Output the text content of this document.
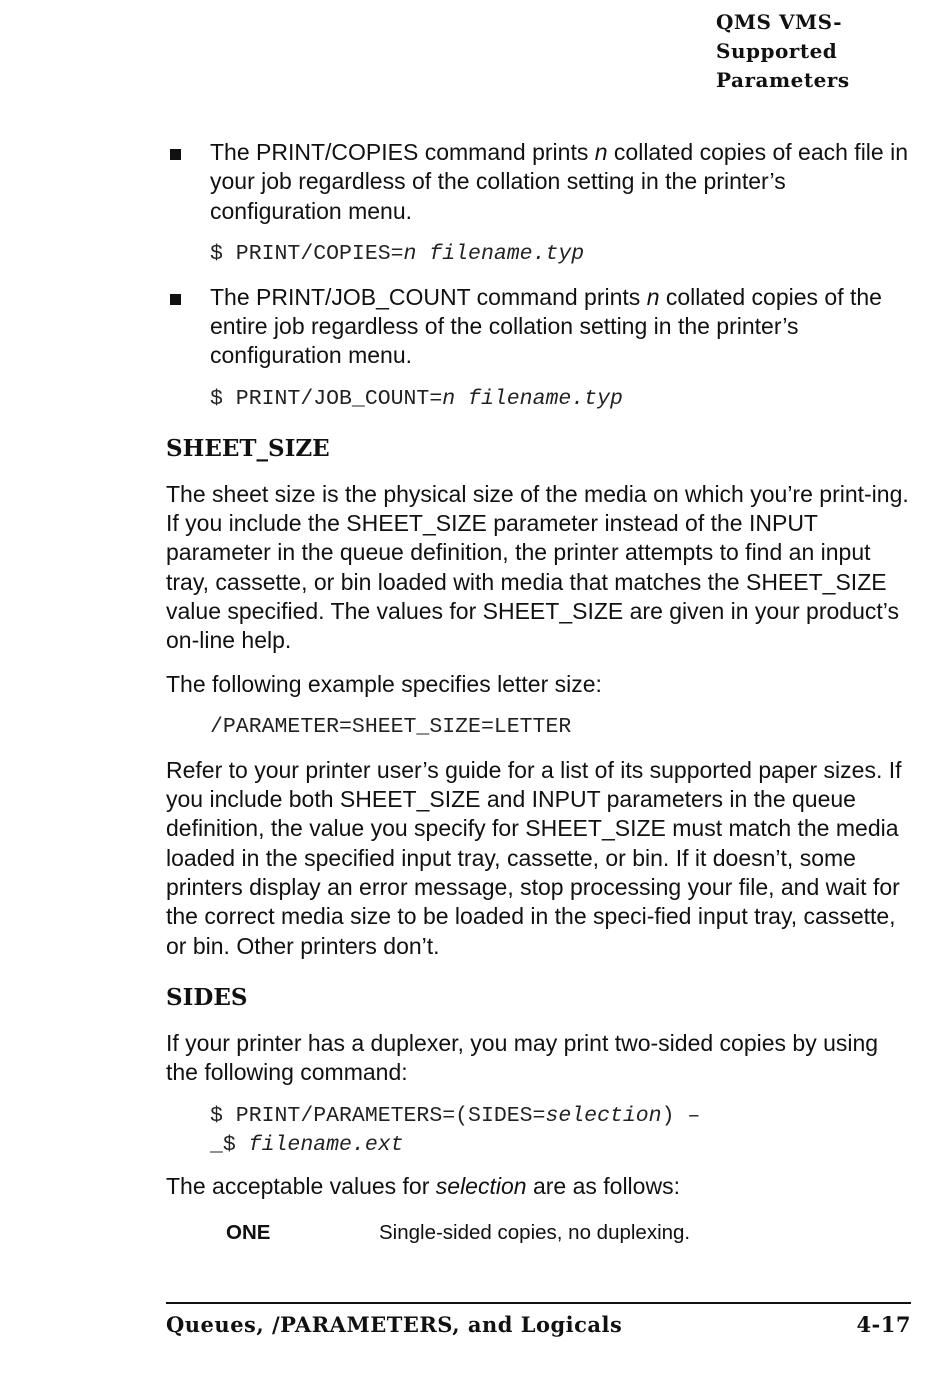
QMS VMS-
Supported
Parameters
The PRINT/COPIES command prints n collated copies of each file in your job regardless of the collation setting in the printer’s configuration menu.
$ PRINT/COPIES=n filename.typ
The PRINT/JOB_COUNT command prints n collated copies of the entire job regardless of the collation setting in the printer’s configuration menu.
$ PRINT/JOB_COUNT=n filename.typ
SHEET_SIZE

The sheet size is the physical size of the media on which you’re print-ing. If you include the SHEET_SIZE parameter instead of the INPUT parameter in the queue definition, the printer attempts to find an input tray, cassette, or bin loaded with media that matches the SHEET_SIZE value specified. The values for SHEET_SIZE are given in your product’s on-line help.

The following example specifies letter size:

/PARAMETER=SHEET_SIZE=LETTER

Refer to your printer user’s guide for a list of its supported paper sizes. If you include both SHEET_SIZE and INPUT parameters in the queue definition, the value you specify for SHEET_SIZE must match the media loaded in the specified input tray, cassette, or bin. If it doesn’t, some printers display an error message, stop processing your file, and wait for the correct media size to be loaded in the speci-fied input tray, cassette, or bin. Other printers don’t.

SIDES

If your printer has a duplexer, you may print two-sided copies by using the following command:

$ PRINT/PARAMETERS=(SIDES=selection) –
_$ filename.ext

The acceptable values for selection are as follows:

ONE	Single-sided copies, no duplexing.
Queues, /PARAMETERS, and Logicals	4-17
